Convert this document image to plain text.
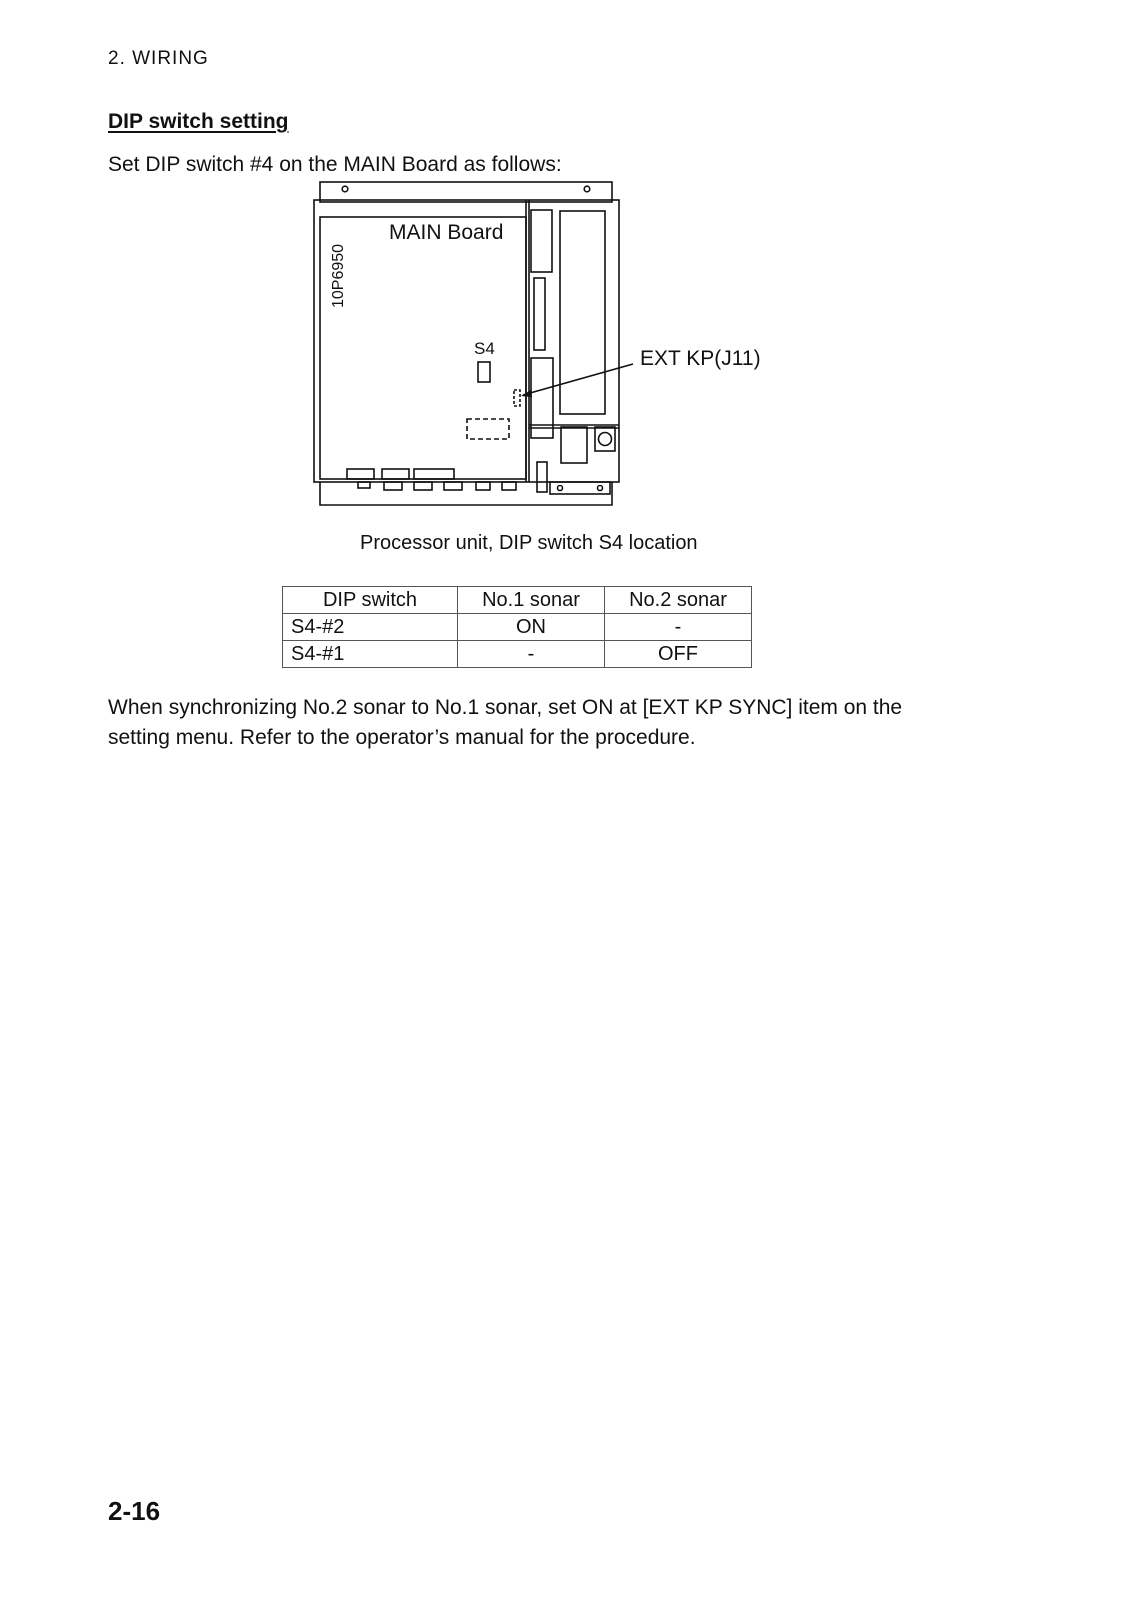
2. WIRING
DIP switch setting
Set DIP switch #4 on the MAIN Board as follows:
MAIN Board
10P6950
S4	EXT KP(J11)
Processor unit, DIP switch S4 location
DIP switch	No.1 sonar	No.2 sonar
S4-#2	ON	-
S4-#1	-	OFF
When synchronizing No.2 sonar to No.1 sonar, set ON at [EXT KP SYNC] item on the setting menu. Refer to the operator’s manual for the procedure.
2-16
